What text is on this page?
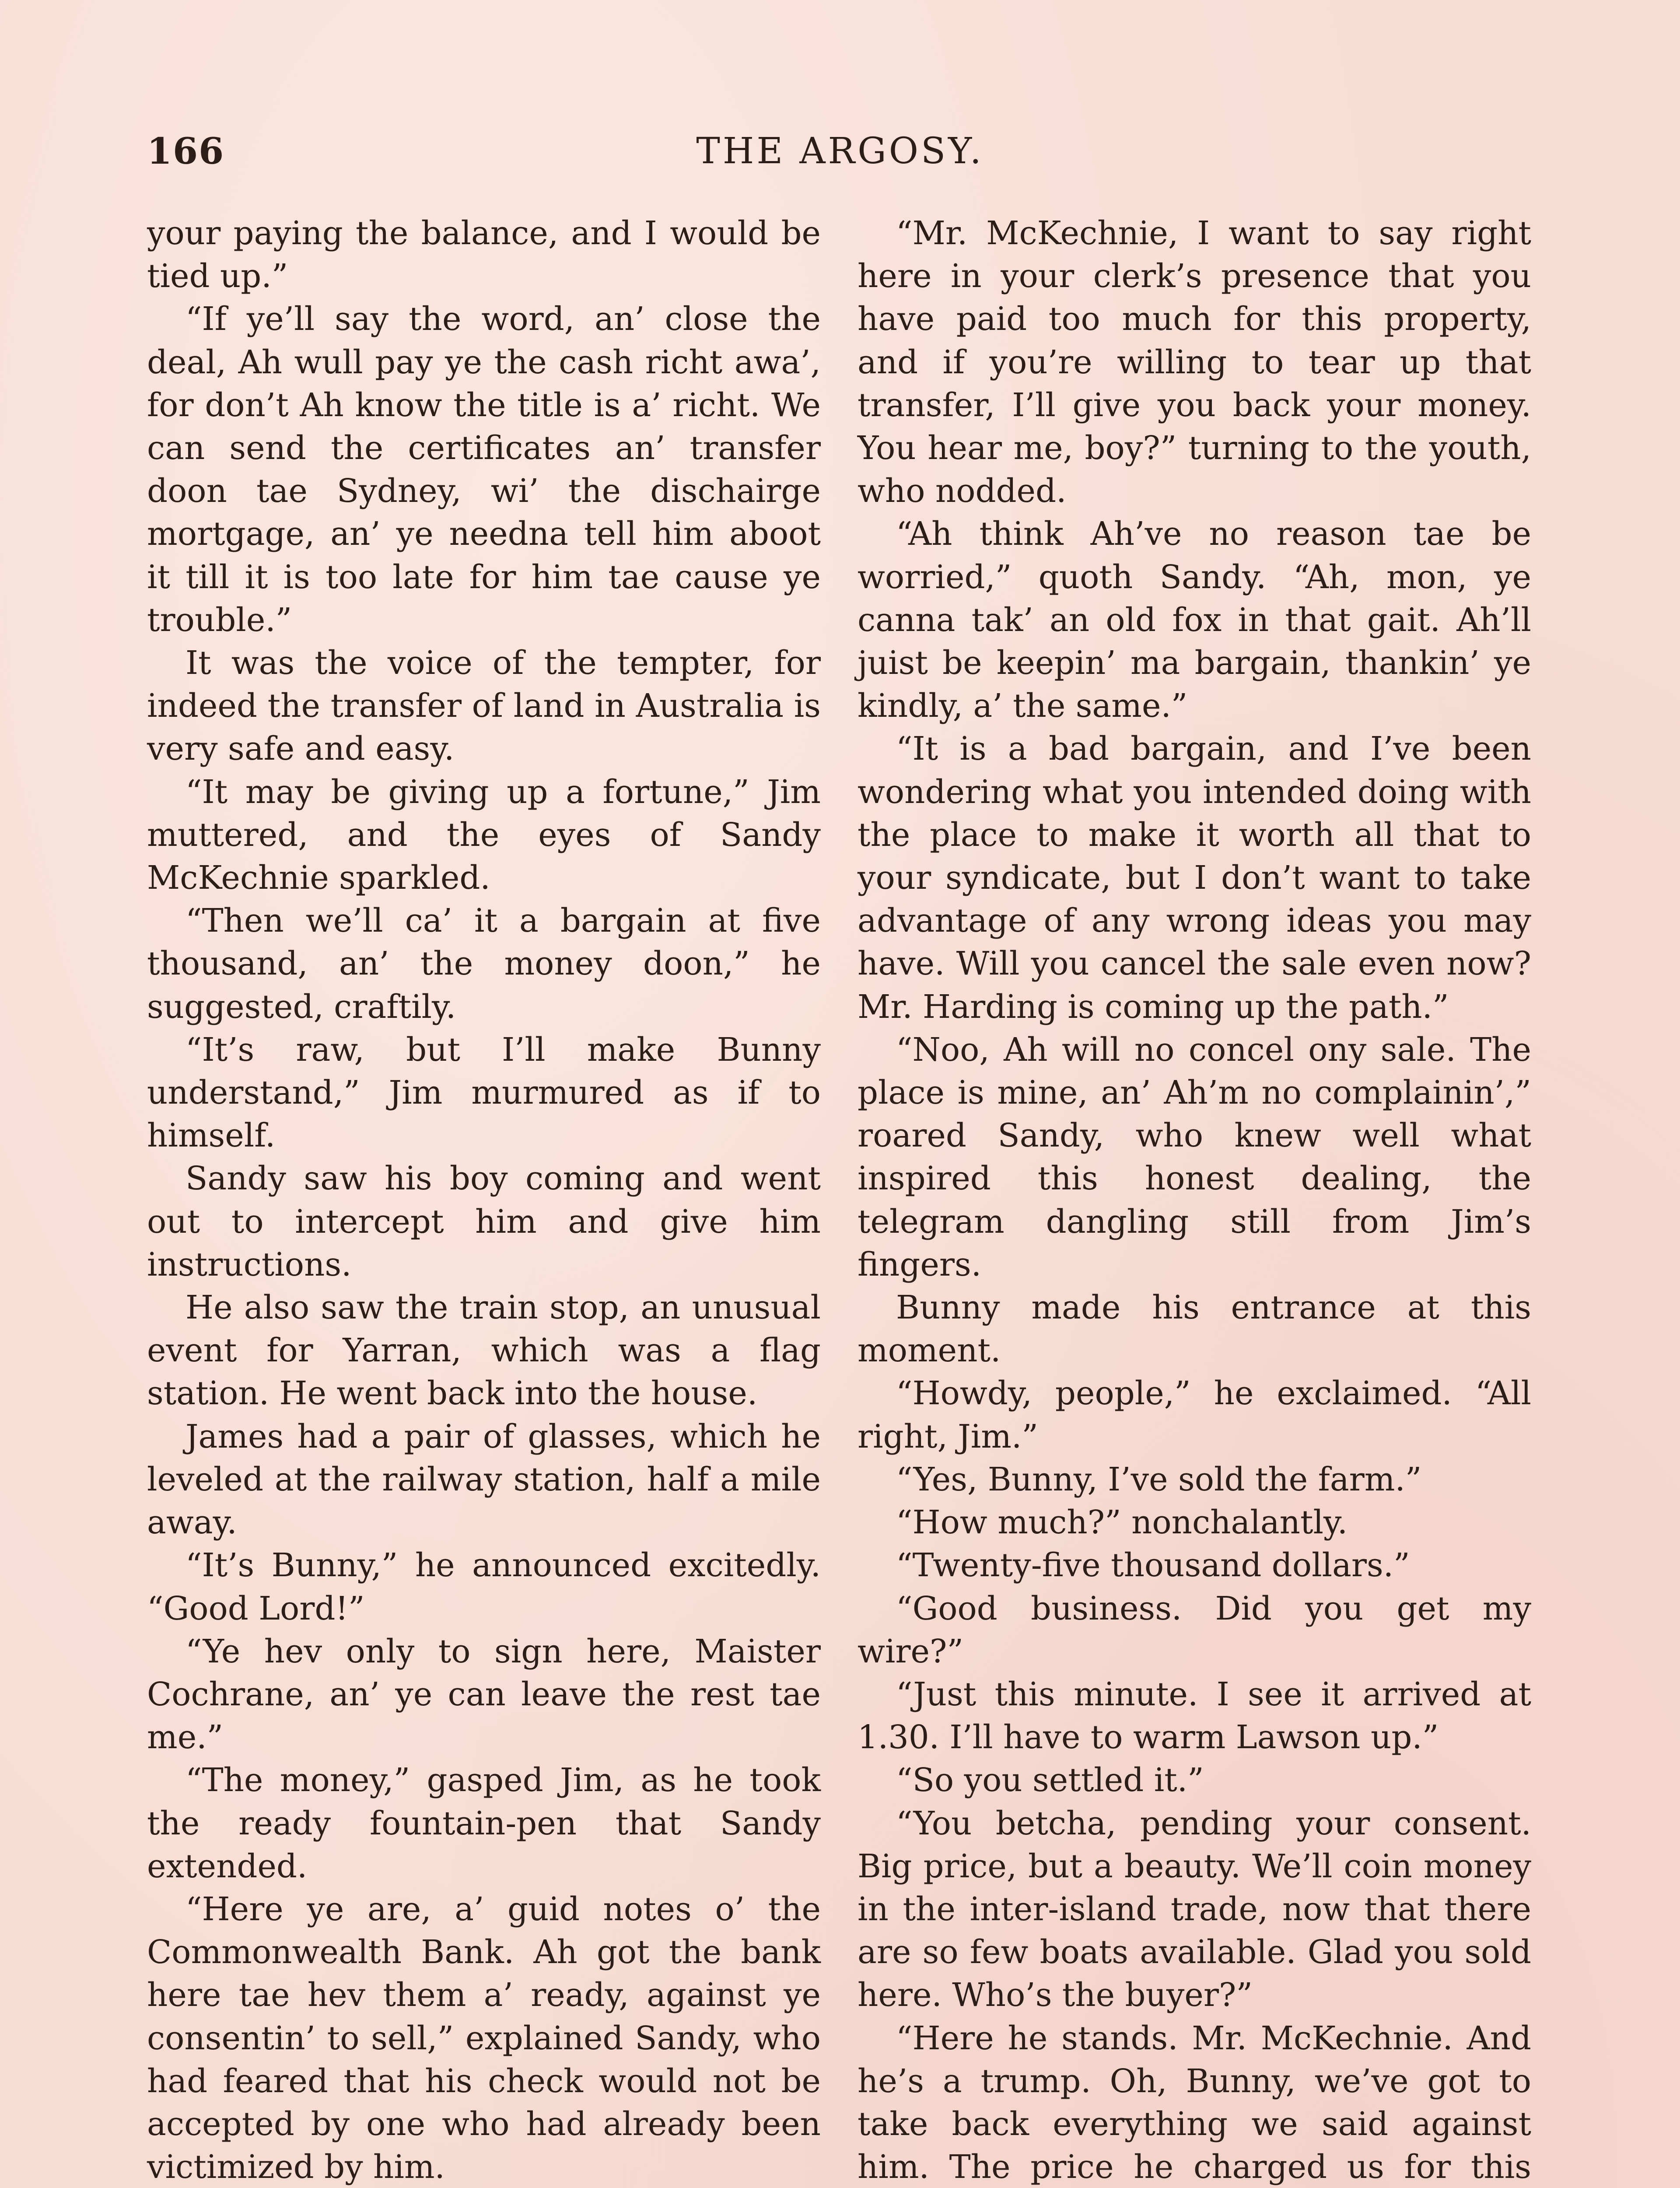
166	THE ARGOSY.

your paying the balance, and I would be tied up.”

“If ye’ll say the word, an’ close the deal, Ah wull pay ye the cash richt awa’, for don’t Ah know the title is a’ richt. We can send the certificates an’ transfer doon tae Sydney, wi’ the dischairge mortgage, an’ ye needna tell him aboot it till it is too late for him tae cause ye trouble.”

It was the voice of the tempter, for indeed the transfer of land in Australia is very safe and easy.

“It may be giving up a fortune,” Jim muttered, and the eyes of Sandy McKechnie sparkled.

“Then we’ll ca’ it a bargain at five thousand, an’ the money doon,” he suggested, craftily.

“It’s raw, but I’ll make Bunny understand,” Jim murmured as if to himself.

Sandy saw his boy coming and went out to intercept him and give him instructions.

He also saw the train stop, an unusual event for Yarran, which was a flag station. He went back into the house.

James had a pair of glasses, which he leveled at the railway station, half a mile away.

“It’s Bunny,” he announced excitedly. “Good Lord!”

“Ye hev only to sign here, Maister Cochrane, an’ ye can leave the rest tae me.”

“The money,” gasped Jim, as he took the ready fountain-pen that Sandy extended.

“Here ye are, a’ guid notes o’ the Commonwealth Bank. Ah got the bank here tae hev them a’ ready, against ye consentin’ to sell,” explained Sandy, who had feared that his check would not be accepted by one who had already been victimized by him.

“Mr. McKechnie, I want to say right here in your clerk’s presence that you have paid too much for this property, and if you’re willing to tear up that transfer, I’ll give you back your money. You hear me, boy?” turning to the youth, who nodded.

“Ah think Ah’ve no reason tae be worried,” quoth Sandy. “Ah, mon, ye canna tak’ an old fox in that gait. Ah’ll juist be keepin’ ma bargain, thankin’ ye kindly, a’ the same.”

“It is a bad bargain, and I’ve been wondering what you intended doing with the place to make it worth all that to your syndicate, but I don’t want to take advantage of any wrong ideas you may have. Will you cancel the sale even now? Mr. Harding is coming up the path.”

“Noo, Ah will no concel ony sale. The place is mine, an’ Ah’m no complainin’,” roared Sandy, who knew well what inspired this honest dealing, the telegram dangling still from Jim’s fingers.

Bunny made his entrance at this moment.

“Howdy, people,” he exclaimed. “All right, Jim.”

“Yes, Bunny, I’ve sold the farm.”

“How much?” nonchalantly.

“Twenty-five thousand dollars.”

“Good business. Did you get my wire?”

“Just this minute. I see it arrived at 1.30. I’ll have to warm Lawson up.”

“So you settled it.”

“You betcha, pending your consent. Big price, but a beauty. We’ll coin money in the inter-island trade, now that there are so few boats available. Glad you sold here. Who’s the buyer?”

“Here he stands. Mr. McKechnie. And he’s a trump. Oh, Bunny, we’ve got to take back everything we said against him. The price he charged us for this
